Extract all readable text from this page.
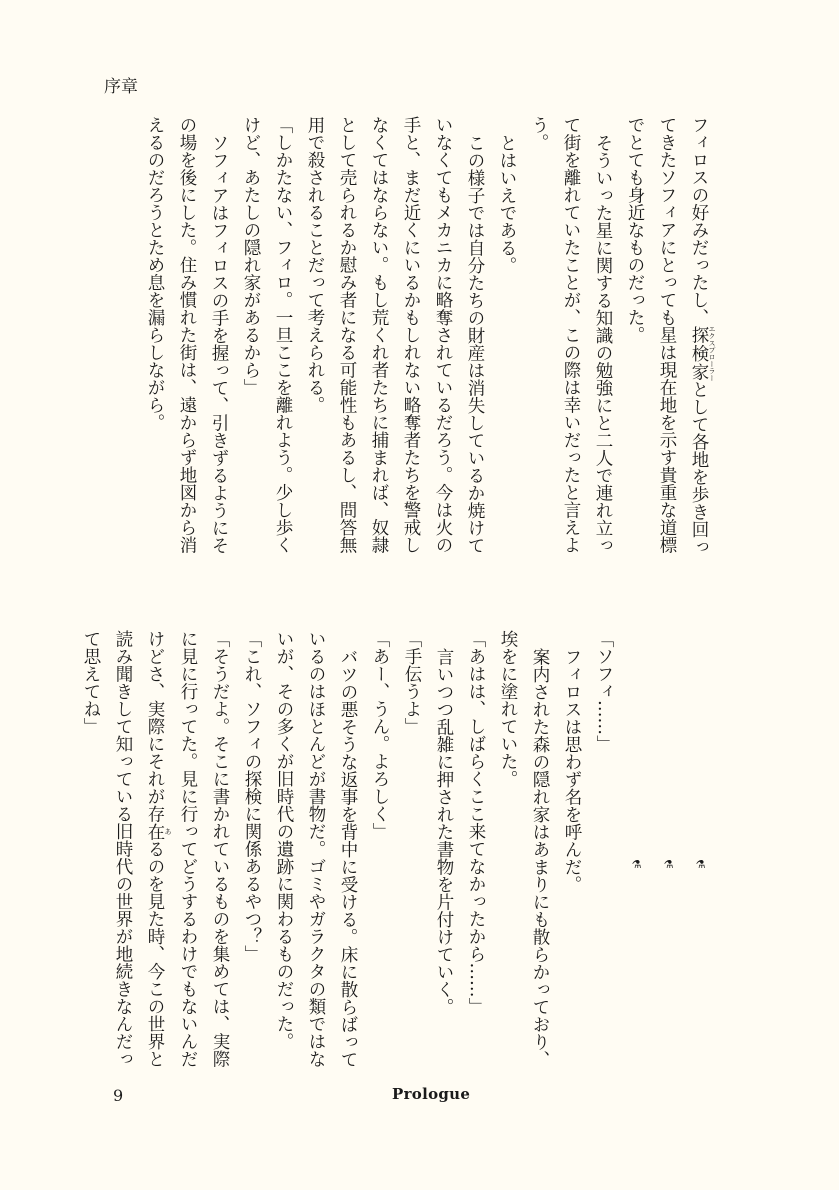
序章
フィロスの好みだったし、探検家 エクスプローラーとして各地を歩き回っ
てきたソフィアにとっても星は現在地を示す貴重な道標
でとても身近なものだった。
そういった星に関する知識の勉強にと二人で連れ立っ
て街を離れていたことが、この際は幸いだったと言えよ
う。
とはいえである。
この様子では自分たちの財産は消失しているか焼けて
いなくてもメカニカに略奪されているだろう。今は火の
手と、まだ近くにいるかもしれない略奪者たちを警戒し
なくてはならない。もし荒くれ者たちに捕まれば、奴隷
として売られるか慰み者になる可能性もあるし、問答無
用で殺されることだって考えられる。
「しかたない、フィロ。一旦ここを離れよう。少し歩く
けど、あたしの隠れ家があるから」
ソフィアはフィロスの手を握って、引きずるようにそ
の場を後にした。住み慣れた街は、遠からず地図から消
えるのだろうとため息を漏らしながら。
⚗
⚗
⚗
「ソフィ……」
フィロスは思わず名を呼んだ。
案内された森の隠れ家はあまりにも散らかっており、
埃をに塗れていた。
「あはは、しばらくここ来てなかったから……」
言いつつ乱雑に押された書物を片付けていく。
「手伝うよ」
「あー、うん。よろしく」
バツの悪そうな返事を背中に受ける。床に散らばって
いるのはほとんどが書物だ。ゴミやガラクタの類ではな
いが、その多くが旧時代の遺跡に関わるものだった。
「これ、ソフィの探検に関係あるやつ？」
「そうだよ。そこに書かれているものを集めては、実際
に見に行ってた。見に行ってどうするわけでもないんだ
けどさ、実際にそれが存在 あるのを見た時、今この世界と
読み聞きして知っている旧時代の世界が地続きなんだっ
て思えてね」
9	Prologue
